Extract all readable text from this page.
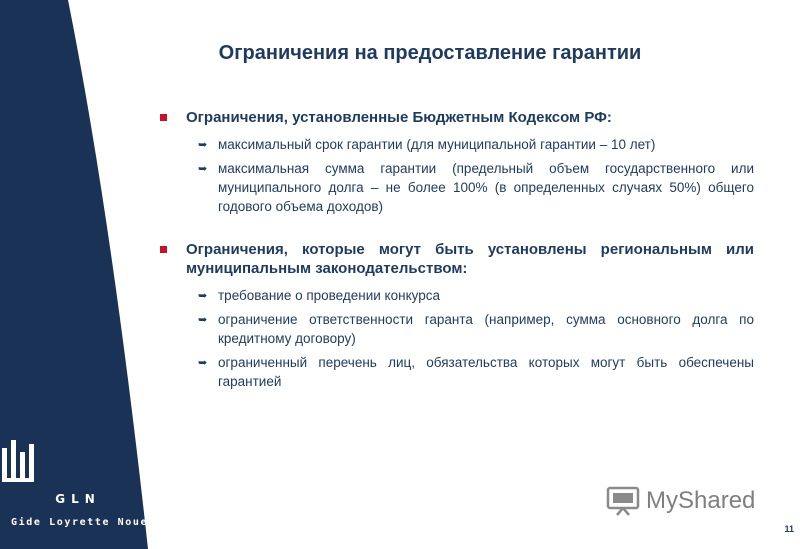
GLN
Gide Loyrette Nouel
Ограничения на предоставление гарантии
Ограничения, установленные Бюджетным Кодексом РФ:
➥ максимальный срок гарантии (для муниципальной гарантии – 10 лет)
➥ максимальная сумма гарантии (предельный объем государственного или муниципального долга – не более 100% (в определенных случаях 50%) общего годового объема доходов)
Ограничения, которые могут быть установлены региональным или муниципальным законодательством:
➥ требование о проведении конкурса
➥ ограничение ответственности гаранта (например, сумма основного долга по кредитному договору)
➥ ограниченный перечень лиц, обязательства которых могут быть обеспечены гарантией
MyShared
11
